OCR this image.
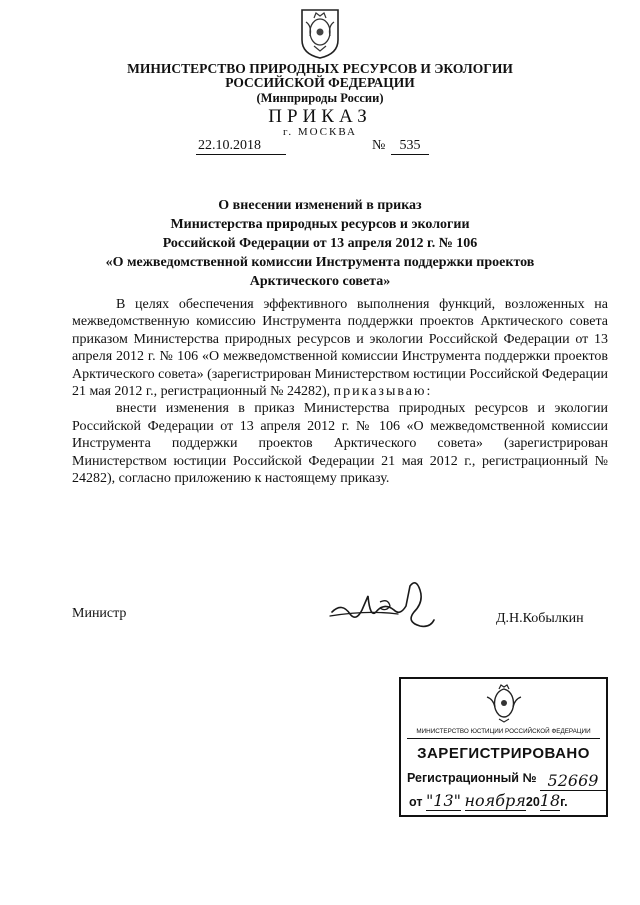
МИНИСТЕРСТВО ПРИРОДНЫХ РЕСУРСОВ И ЭКОЛОГИИ
РОССИЙСКОЙ ФЕДЕРАЦИИ
(Минприроды России)
ПРИКАЗ
г. МОСКВА
22.10.2018	№	535
О внесении изменений в приказ
Министерства природных ресурсов и экологии
Российской Федерации от 13 апреля 2012 г. № 106
«О межведомственной комиссии Инструмента поддержки проектов
Арктического совета»

В целях обеспечения эффективного выполнения функций, возложенных на межведомственную комиссию Инструмента поддержки проектов Арктического совета приказом Министерства природных ресурсов и экологии Российской Федерации от 13 апреля 2012 г. № 106 «О межведомственной комиссии Инструмента поддержки проектов Арктического совета» (зарегистрирован Министерством юстиции Российской Федерации 21 мая 2012 г., регистрационный № 24282), приказываю:

внести изменения в приказ Министерства природных ресурсов и экологии Российской Федерации от 13 апреля 2012 г. № 106 «О межведомственной комиссии Инструмента поддержки проектов Арктического совета» (зарегистрирован Министерством юстиции Российской Федерации 21 мая 2012 г., регистрационный № 24282), согласно приложению к настоящему приказу.

Министр	Д.Н.Кобылкин
МИНИСТЕРСТВО ЮСТИЦИИ РОССИЙСКОЙ ФЕДЕРАЦИИ
ЗАРЕГИСТРИРОВАНО
Регистрационный № 52669
от "13" ноября2018г.
